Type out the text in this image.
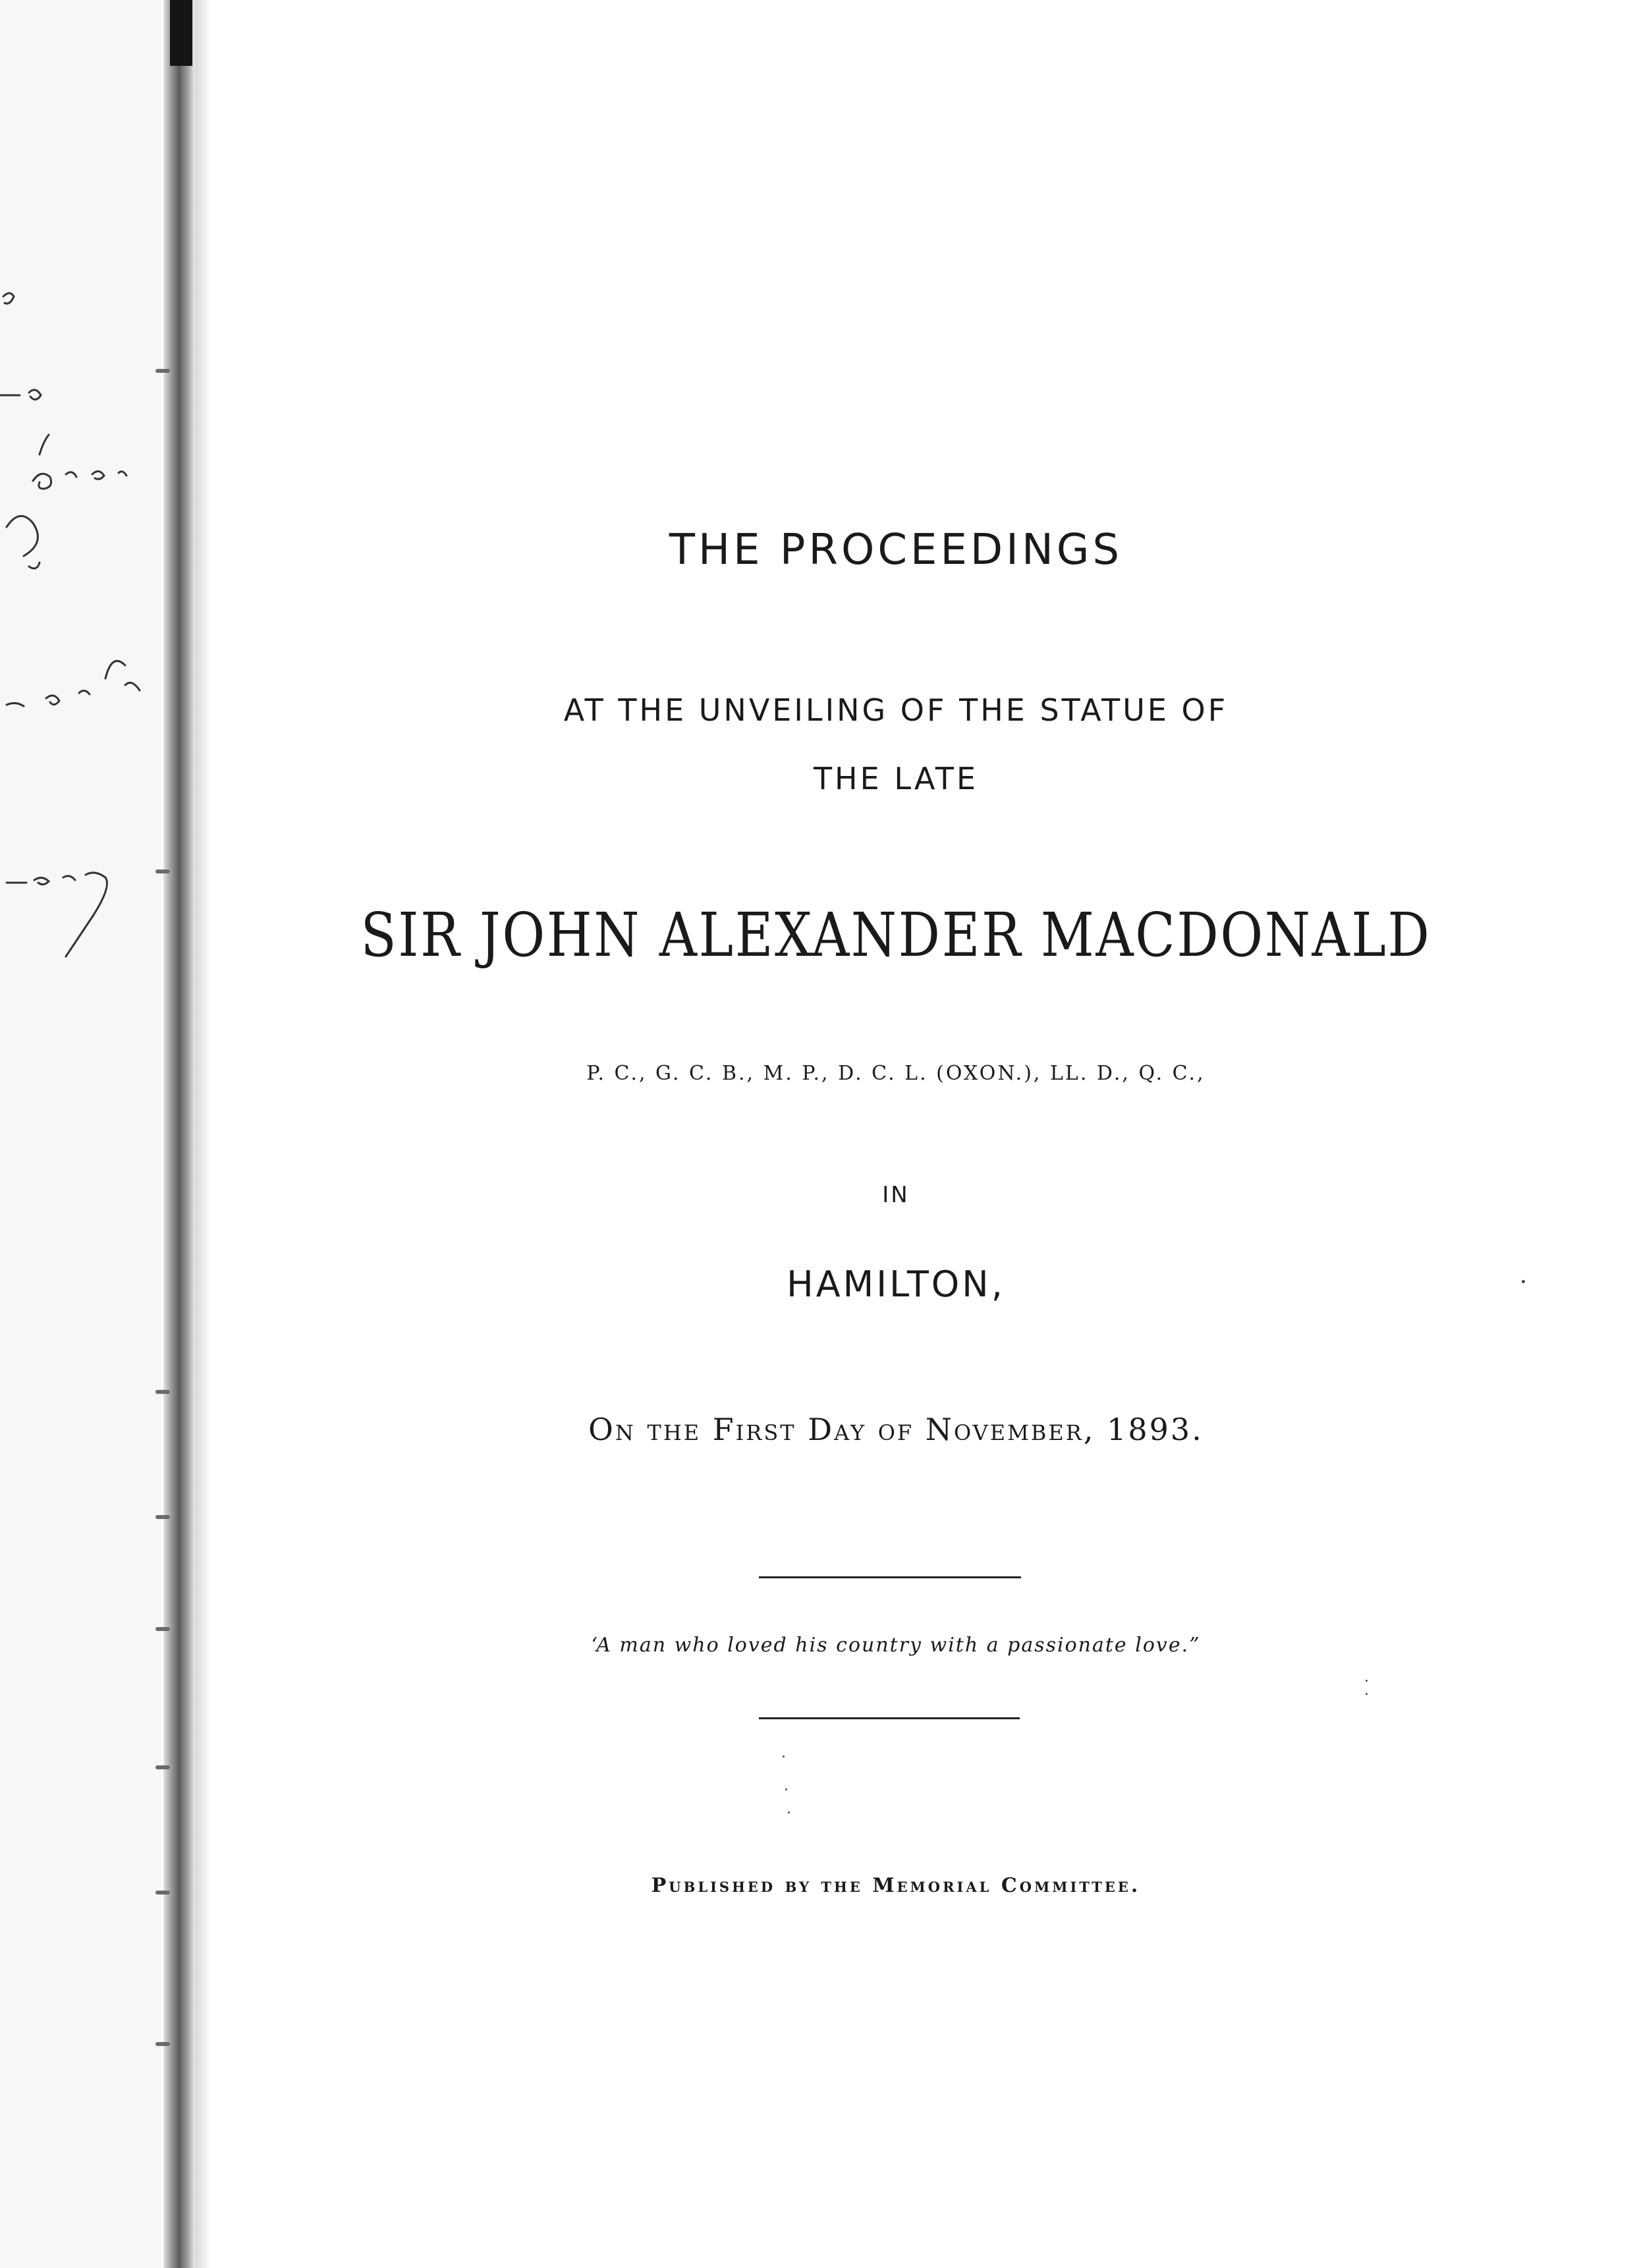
THE PROCEEDINGS
AT THE UNVEILING OF THE STATUE OF
THE LATE
SIR JOHN ALEXANDER MACDONALD
P. C., G. C. B., M. P., D. C. L. (OXON.), LL. D., Q. C.,
IN
HAMILTON,
On the First Day of November, 1893.
‘A man who loved his country with a passionate love.”
Published by the Memorial Committee.
